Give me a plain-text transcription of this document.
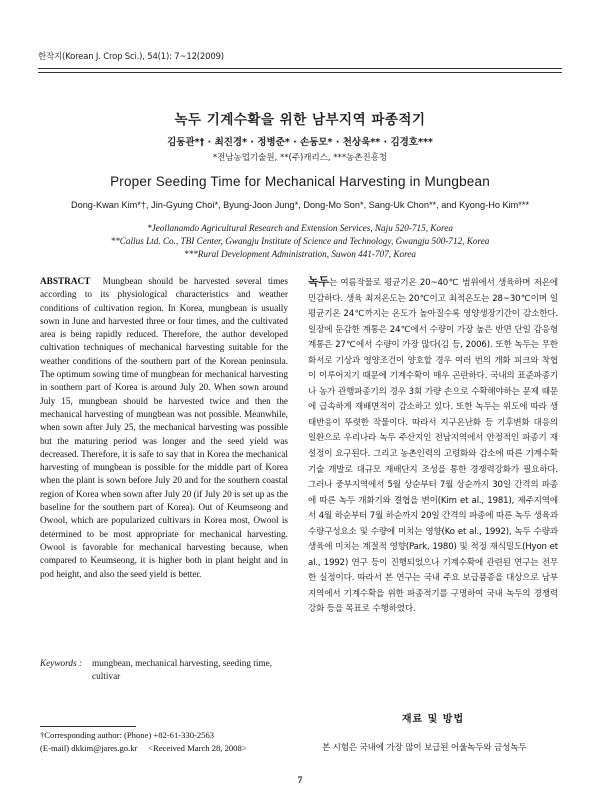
한작지(Korean J. Crop Sci.), 54(1): 7~12(2009)
녹두 기계수확을 위한 남부지역 파종적기
김동관*† · 최진경* · 정병준* · 손동모* · 천상욱** · 김경호***
*전남농업기술원, **(주)캐리스, ***농촌진흥청
Proper Seeding Time for Mechanical Harvesting in Mungbean
Dong-Kwan Kim*†, Jin-Gyung Choi*, Byung-Joon Jung*, Dong-Mo Son*, Sang-Uk Chon**, and Kyong-Ho Kim***
*Jeollanamdo Agricultural Research and Extension Services, Naju 520-715, Korea
**Callus Ltd. Co., TBI Center, Gwangju Institute of Science and Technology, Gwangju 500-712, Korea
***Rural Development Administration, Suwon 441-707, Korea
ABSTRACT Mungbean should be harvested several times according to its physiological characteristics and weather conditions of cultivation region. In Korea, mungbean is usually sown in June and harvested three or four times, and the cultivated area is being rapidly reduced. Therefore, the author developed cultivation techniques of mechanical harvesting suitable for the weather conditions of the southern part of the Korean peninsula. The optimum sowing time of mungbean for mechanical harvesting in southern part of Korea is around July 20. When sown around July 15, mungbean should be harvested twice and then the mechanical harvesting of mungbean was not possible. Meanwhile, when sown after July 25, the mechanical harvesting was possible but the maturing period was longer and the seed yield was decreased. Therefore, it is safe to say that in Korea the mechanical harvesting of mungbean is possible for the middle part of Korea when the plant is sown before July 20 and for the southern coastal region of Korea when sown after July 20 (if July 20 is set up as the baseline for the southern part of Korea). Out of Keumseong and Owool, which are popularized cultivars in Korea most, Owool is determined to be most appropriate for mechanical harvesting. Owool is favorable for mechanical harvesting because, when compared to Keumseong, it is higher both in plant height and in pod height, and also the seed yield is better.
Keywords : mungbean, mechanical harvesting, seeding time, cultivar
†Corresponding author: (Phone) +82-61-330-2563
(E-mail) dkkim@jares.go.kr <Received March 28, 2008>
녹두는 여름작물로 평균기온 20~40℃ 범위에서 생육하며 저온에 민감하다. 생육 최저온도는 20℃이고 최적온도는 28~30℃이며 일평균기온 24℃까지는 온도가 높아질수록 영양생장기간이 감소한다. 일장에 둔감한 계통은 24℃에서 수량이 가장 높은 반면 단일 감응형 계통은 27℃에서 수량이 가장 많다(김 등, 2006). 또한 녹두는 무한화서로 기상과 영양조건이 양호할 경우 여러 번의 개화 피크와 착협이 이루어지기 때문에 기계수확이 매우 곤란하다. 국내의 표준파종기나 농가 관행파종기의 경우 3회 가량 손으로 수확해야하는 문제 때문에 급속하게 재배면적이 감소하고 있다. 또한 녹두는 위도에 따라 생태반응이 뚜렷한 작물이다. 따라서 지구온난화 등 기후변화 대응의 일환으로 우리나라 녹두 주산지인 전남지역에서 안정적인 파종기 재설정이 요구된다. 그리고 농촌인력의 고령화와 감소에 따른 기계수확기술 개발로 대규모 재배단지 조성을 통한 경쟁력강화가 필요하다. 그러나 중부지역에서 5월 상순부터 7월 상순까지 30일 간격의 파종에 따른 녹두 개화기와 결협을 변이(Kim et al., 1981), 제주지역에서 4월 하순부터 7월 하순까지 20일 간격의 파종에 따른 녹두 생육과 수량구성요소 및 수량에 미치는 영향(Ko et al., 1992), 녹두 수량과 생육에 미치는 계절적 영향(Park, 1980) 및 적정 재식밀도(Hyon et al., 1992) 연구 등이 진행되었으나 기계수확에 관련된 연구는 전무한 실정이다. 따라서 본 연구는 국내 주요 보급품종을 대상으로 남부지역에서 기계수확을 위한 파종적기를 구명하여 국내 녹두의 경쟁력 강화 등을 목표로 수행하였다.
재료 및 방법
본 시험은 국내에 가장 많이 보급된 어울녹두와 금성녹두
7
